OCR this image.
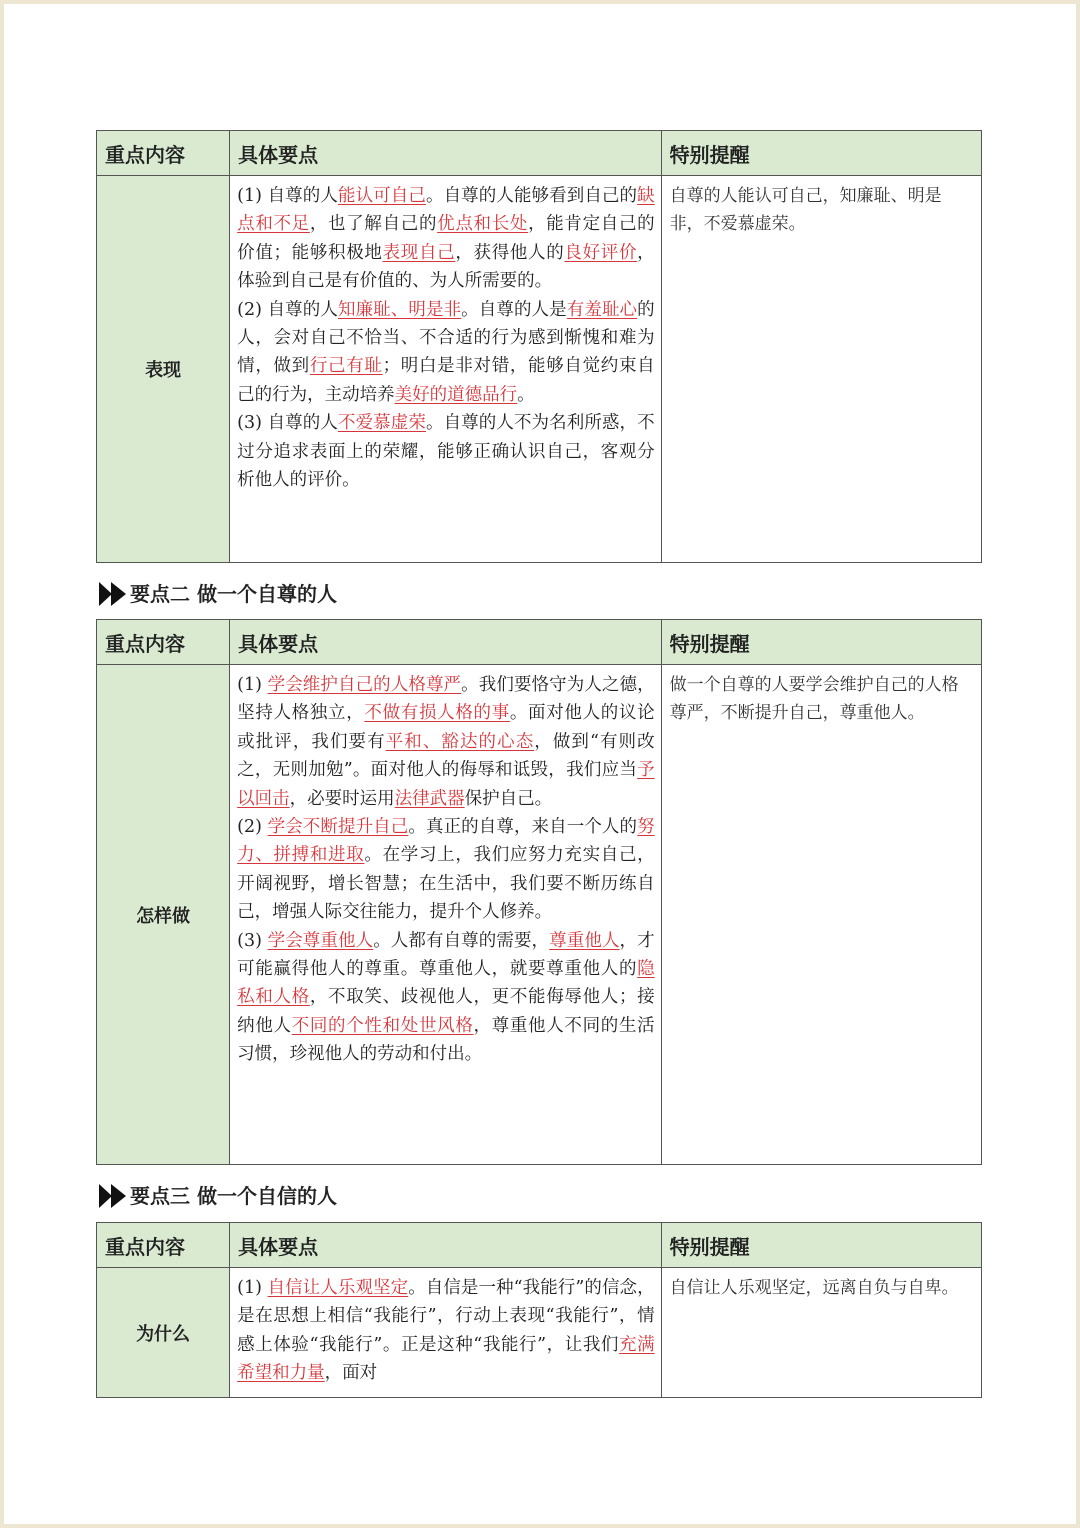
重点内容	具体要点	特别提醒
表现	(1) 自尊的人能认可自己。自尊的人能够看到自己的缺点和不足，也了解自己的优点和长处，能肯定自己的价值；能够积极地表现自己，获得他人的良好评价，体验到自己是有价值的、为人所需要的。

(2) 自尊的人知廉耻、明是非。自尊的人是有羞耻心的人，会对自己不恰当、不合适的行为感到惭愧和难为情，做到行己有耻；明白是非对错，能够自觉约束自己的行为，主动培养美好的道德品行。

(3) 自尊的人不爱慕虚荣。自尊的人不为名利所惑，不过分追求表面上的荣耀，能够正确认识自己，客观分析他人的评价。	自尊的人能认可自己，知廉耻、明是非，不爱慕虚荣。
要点二 做一个自尊的人
重点内容	具体要点	特别提醒
怎样做	(1) 学会维护自己的人格尊严。我们要恪守为人之德，坚持人格独立，不做有损人格的事。面对他人的议论或批评，我们要有平和、豁达的心态，做到“有则改之，无则加勉”。面对他人的侮辱和诋毁，我们应当予以回击，必要时运用法律武器保护自己。

(2) 学会不断提升自己。真正的自尊，来自一个人的努力、拼搏和进取。在学习上，我们应努力充实自己，开阔视野，增长智慧；在生活中，我们要不断历练自己，增强人际交往能力，提升个人修养。

(3) 学会尊重他人。人都有自尊的需要，尊重他人，才可能赢得他人的尊重。尊重他人，就要尊重他人的隐私和人格，不取笑、歧视他人，更不能侮辱他人；接纳他人不同的个性和处世风格，尊重他人不同的生活习惯，珍视他人的劳动和付出。	做一个自尊的人要学会维护自己的人格尊严，不断提升自己，尊重他人。
要点三 做一个自信的人
重点内容	具体要点	特别提醒
为什么	(1) 自信让人乐观坚定。自信是一种“我能行”的信念，是在思想上相信“我能行”，行动上表现“我能行”，情感上体验“我能行”。正是这种“我能行”，让我们充满希望和力量，面对	自信让人乐观坚定，远离自负与自卑。
